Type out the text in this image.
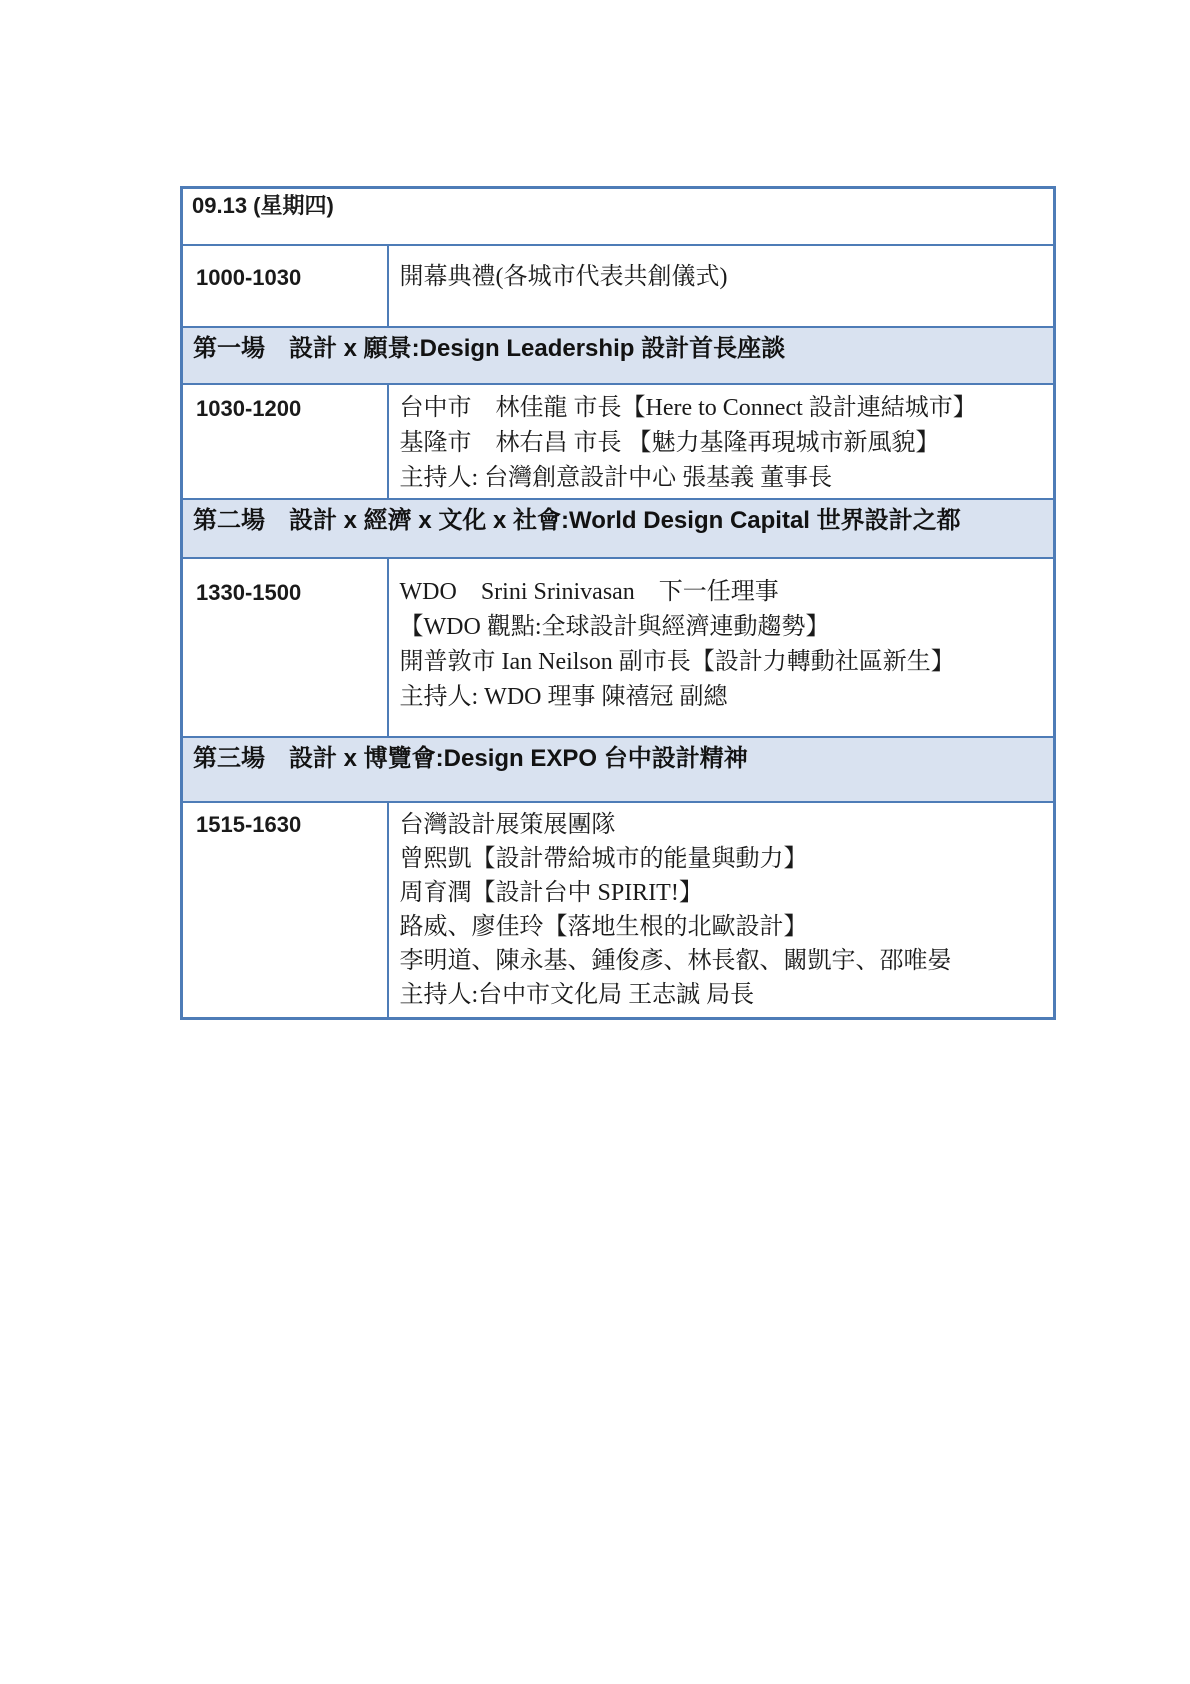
09.13 (星期四)	
1000-1030	開幕典禮(各城市代表共創儀式)

第一場　設計 x 願景:Design Leadership 設計首長座談	
1030-1200	台中市　林佳龍 市長【Here to Connect 設計連結城市】
基隆市　林右昌 市長 【魅力基隆再現城市新風貌】
主持人: 台灣創意設計中心 張基義 董事長

第二場　設計 x 經濟 x 文化 x 社會:World Design Capital 世界設計之都	
1330-1500	WDO　Srini Srinivasan　下一任理事
【WDO 觀點:全球設計與經濟連動趨勢】
開普敦市 Ian Neilson 副市長【設計力轉動社區新生】
主持人: WDO 理事 陳禧冠 副總

第三場　設計 x 博覽會:Design EXPO 台中設計精神	
1515-1630	台灣設計展策展團隊
曾熙凱【設計帶給城市的能量與動力】
周育潤【設計台中 SPIRIT!】
路威、廖佳玲【落地生根的北歐設計】
李明道、陳永基、鍾俊彥、林長叡、闞凱宇、邵唯晏
主持人:台中市文化局 王志誠 局長
